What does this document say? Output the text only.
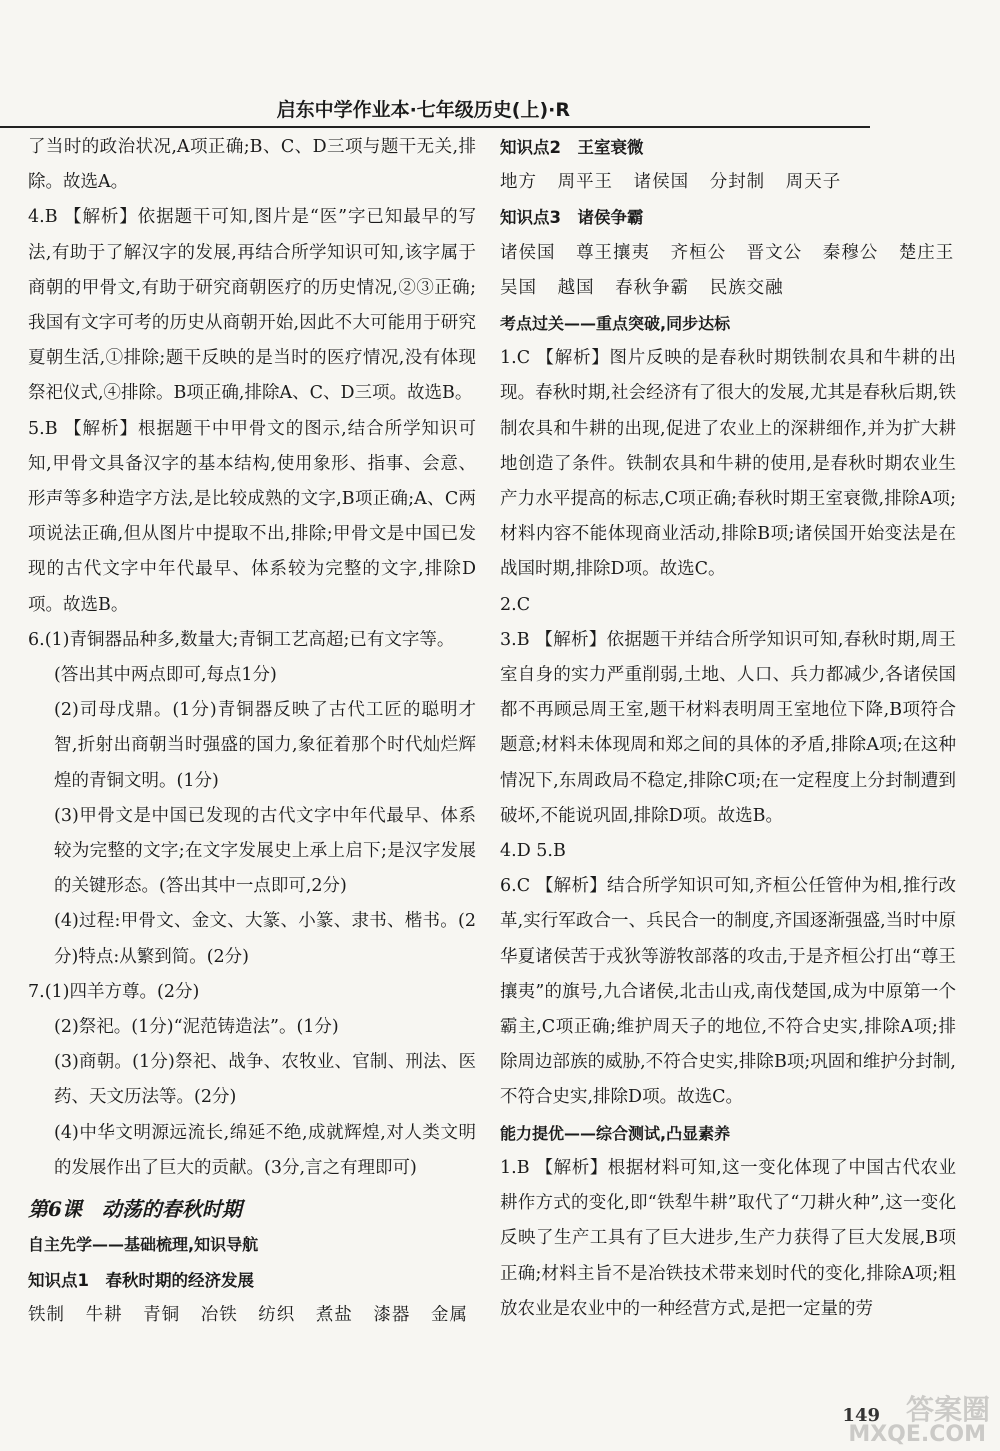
启东中学作业本·七年级历史(上)·R

了当时的政治状况,A项正确;B、C、D三项与题干无关,排除。故选A。

4.B 【解析】依据题干可知,图片是“医”字已知最早的写法,有助于了解汉字的发展,再结合所学知识可知,该字属于商朝的甲骨文,有助于研究商朝医疗的历史情况,②③正确;我国有文字可考的历史从商朝开始,因此不大可能用于研究夏朝生活,①排除;题干反映的是当时的医疗情况,没有体现祭祀仪式,④排除。B项正确,排除A、C、D三项。故选B。

5.B 【解析】根据题干中甲骨文的图示,结合所学知识可知,甲骨文具备汉字的基本结构,使用象形、指事、会意、形声等多种造字方法,是比较成熟的文字,B项正确;A、C两项说法正确,但从图片中提取不出,排除;甲骨文是中国已发现的古代文字中年代最早、体系较为完整的文字,排除D项。故选B。

6.(1)青铜器品种多,数量大;青铜工艺高超;已有文字等。

(答出其中两点即可,每点1分)

(2)司母戊鼎。(1分)青铜器反映了古代工匠的聪明才智,折射出商朝当时强盛的国力,象征着那个时代灿烂辉煌的青铜文明。(1分)

(3)甲骨文是中国已发现的古代文字中年代最早、体系较为完整的文字;在文字发展史上承上启下;是汉字发展的关键形态。(答出其中一点即可,2分)

(4)过程:甲骨文、金文、大篆、小篆、隶书、楷书。(2分)特点:从繁到简。(2分)

7.(1)四羊方尊。(2分)

(2)祭祀。(1分)“泥范铸造法”。(1分)

(3)商朝。(1分)祭祀、战争、农牧业、官制、刑法、医药、天文历法等。(2分)

(4)中华文明源远流长,绵延不绝,成就辉煌,对人类文明的发展作出了巨大的贡献。(3分,言之有理即可)

第6课　动荡的春秋时期

自主先学——基础梳理,知识导航

知识点1　春秋时期的经济发展

铁制 牛耕 青铜 冶铁 纺织 煮盐 漆器 金属

知识点2　王室衰微

地方 周平王 诸侯国 分封制 周天子

知识点3　诸侯争霸

诸侯国 尊王攘夷 齐桓公 晋文公 秦穆公 楚庄王

吴国 越国 春秋争霸 民族交融

考点过关——重点突破,同步达标

1.C 【解析】图片反映的是春秋时期铁制农具和牛耕的出现。春秋时期,社会经济有了很大的发展,尤其是春秋后期,铁制农具和牛耕的出现,促进了农业上的深耕细作,并为扩大耕地创造了条件。铁制农具和牛耕的使用,是春秋时期农业生产力水平提高的标志,C项正确;春秋时期王室衰微,排除A项;材料内容不能体现商业活动,排除B项;诸侯国开始变法是在战国时期,排除D项。故选C。

2.C

3.B 【解析】依据题干并结合所学知识可知,春秋时期,周王室自身的实力严重削弱,土地、人口、兵力都减少,各诸侯国都不再顾忌周王室,题干材料表明周王室地位下降,B项符合题意;材料未体现周和郑之间的具体的矛盾,排除A项;在这种情况下,东周政局不稳定,排除C项;在一定程度上分封制遭到破坏,不能说巩固,排除D项。故选B。

4.D 5.B

6.C 【解析】结合所学知识可知,齐桓公任管仲为相,推行改革,实行军政合一、兵民合一的制度,齐国逐渐强盛,当时中原华夏诸侯苦于戎狄等游牧部落的攻击,于是齐桓公打出“尊王攘夷”的旗号,九合诸侯,北击山戎,南伐楚国,成为中原第一个霸主,C项正确;维护周天子的地位,不符合史实,排除A项;排除周边部族的威胁,不符合史实,排除B项;巩固和维护分封制,不符合史实,排除D项。故选C。

能力提优——综合测试,凸显素养

1.B 【解析】根据材料可知,这一变化体现了中国古代农业耕作方式的变化,即“铁犁牛耕”取代了“刀耕火种”,这一变化反映了生产工具有了巨大进步,生产力获得了巨大发展,B项正确;材料主旨不是冶铁技术带来划时代的变化,排除A项;粗放农业是农业中的一种经营方式,是把一定量的劳

149 答案圈
MXQE.COM
